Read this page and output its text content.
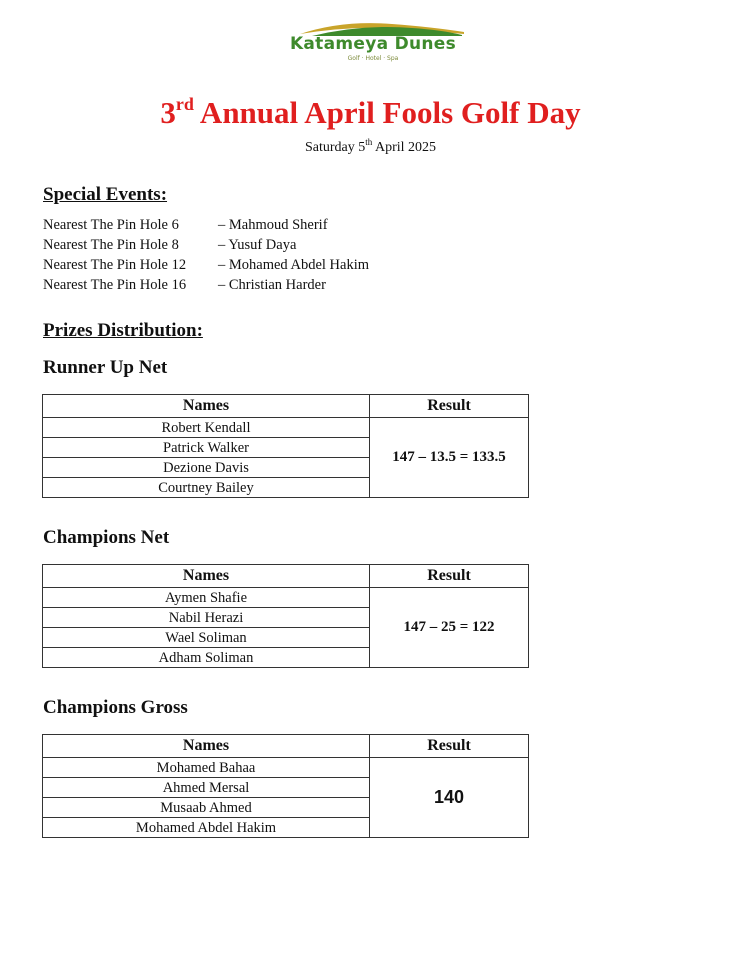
Katameya Dunes
Golf · Hotel · Spa
3rd Annual April Fools Golf Day
Saturday 5th April 2025
Special Events:
Nearest The Pin Hole 6	– Mahmoud Sherif
Nearest The Pin Hole 8	– Yusuf Daya
Nearest The Pin Hole 12 – Mohamed Abdel Hakim
Nearest The Pin Hole 16 – Christian Harder
Prizes Distribution:
Runner Up Net
Names	Result
Robert Kendall	147 – 13.5 = 133.5
Patrick Walker	
Dezione Davis	
Courtney Bailey	
Champions Net
Names	Result
Aymen Shafie	147 – 25 = 122
Nabil Herazi	
Wael Soliman	
Adham Soliman	
Champions Gross
Names	Result
Mohamed Bahaa	140
Ahmed Mersal	
Musaab Ahmed	
Mohamed Abdel Hakim	
